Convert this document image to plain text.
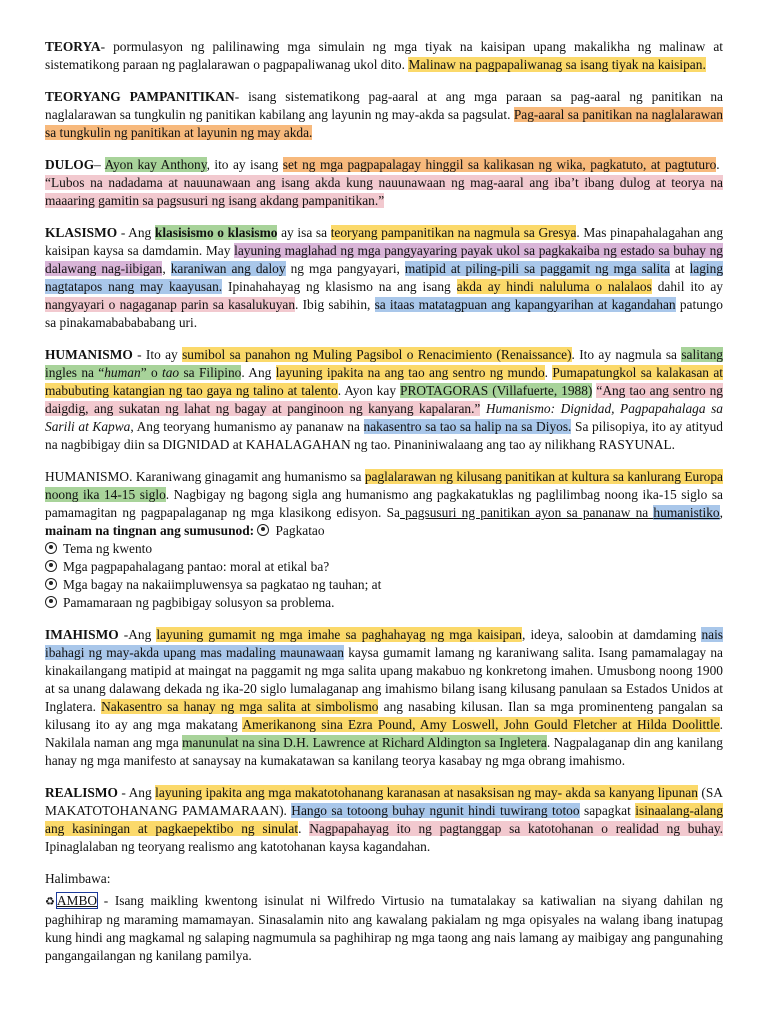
TEORYA- pormulasyon ng palilinawing mga simulain ng mga tiyak na kaisipan upang makalikha ng malinaw at sistematikong paraan ng paglalarawan o pagpapaliwanag ukol dito. Malinaw na pagpapaliwanag sa isang tiyak na kaisipan.

TEORYANG PAMPANITIKAN- isang sistematikong pag-aaral at ang mga paraan sa pag-aaral ng panitikan na naglalarawan sa tungkulin ng panitikan kabilang ang layunin ng may-akda sa pagsulat. Pag-aaral sa panitikan na naglalarawan sa tungkulin ng panitikan at layunin ng may akda.

DULOG– Ayon kay Anthony, ito ay isang set ng mga pagpapalagay hinggil sa kalikasan ng wika, pagkatuto, at pagtuturo.  “Lubos na nadadama at nauunawaan ang isang akda kung nauunawaan ng mag-aaral ang iba’t ibang dulog at teorya na maaaring gamitin sa pagsusuri ng isang akdang pampanitikan.”

KLASISMO - Ang klasisismo o klasismo ay isa sa teoryang pampanitikan na nagmula sa Gresya. Mas pinapahalagahan ang kaisipan kaysa sa damdamin. May layuning maglahad ng mga pangyayaring payak ukol sa pagkakaiba ng estado sa buhay ng dalawang nag-iibigan, karaniwan ang daloy ng mga pangyayari, matipid at piling-pili sa paggamit ng mga salita at laging nagtatapos nang may kaayusan. Ipinahahayag ng klasismo na ang isang akda ay hindi naluluma o nalalaos dahil ito ay nangyayari o nagaganap parin sa kasalukuyan. Ibig sabihin, sa itaas matatagpuan ang kapangyarihan at kagandahan patungo sa pinakamababababang uri.

HUMANISMO - Ito ay sumibol sa panahon ng Muling Pagsibol o Renacimiento (Renaissance). Ito ay nagmula sa salitang ingles na “human” o tao sa Filipino. Ang layuning ipakita na ang tao ang sentro ng mundo. Pumapatungkol sa kalakasan at mabubuting katangian ng tao gaya ng talino at talento. Ayon kay PROTAGORAS (Villafuerte, 1988) “Ang tao ang sentro ng daigdig, ang sukatan ng lahat ng bagay at panginoon ng kanyang kapalaran.” Humanismo: Dignidad, Pagpapahalaga sa Sarili at Kapwa, Ang teoryang humanismo ay pananaw na nakasentro sa tao sa halip na sa Diyos. Sa pilisopiya, ito ay atityud na nagbibigay diin sa DIGNIDAD at KAHALAGAHAN ng tao. Pinaniniwalaang ang tao ay nilikhang RASYUNAL.

HUMANISMO. Karaniwang ginagamit ang humanismo sa paglalarawan ng kilusang panitikan at kultura sa kanlurang Europa noong ika 14-15 siglo. Nagbigay ng bagong sigla ang humanismo ang pagkakatuklas ng paglilimbag noong ika-15 siglo sa pamamagitan ng pagpapalaganap ng mga klasikong edisyon. Sa pagsusuri ng panitikan ayon sa pananaw na humanistiko, mainam na tingnan ang sumusunod: Pagkatao

Tema ng kwento
Mga pagpapahalagang pantao: moral at etikal ba?
Mga bagay na nakaiimpluwensya sa pagkatao ng tauhan; at
Pamamaraan ng pagbibigay solusyon sa problema.

IMAHISMO -Ang layuning gumamit ng mga imahe sa paghahayag ng mga kaisipan, ideya, saloobin at damdaming nais ibahagi ng may-akda upang mas madaling maunawaan kaysa gumamit lamang ng karaniwang salita. Isang pamamalagay na kinakailangang matipid at maingat na paggamit ng mga salita upang makabuo ng konkretong imahen. Umusbong noong 1900 at sa unang dalawang dekada ng ika-20 siglo lumalaganap ang imahismo bilang isang kilusang panulaan sa Estados Unidos at Inglatera. Nakasentro sa hanay ng mga salita at simbolismo ang nasabing kilusan. Ilan sa mga prominenteng pangalan sa kilusang ito ay ang mga makatang Amerikanong sina Ezra Pound, Amy Loswell, John Gould Fletcher at Hilda Doolittle. Nakilala naman ang mga manunulat na sina D.H. Lawrence at Richard Aldington sa Ingletera. Nagpalaganap din ang kanilang hanay ng mga manifesto at sanaysay na kumakatawan sa kanilang teorya kasabay ng mga obrang imahismo.

REALISMO - Ang layuning ipakita ang mga makatotohanang karanasan at nasaksisan ng may- akda sa kanyang lipunan (SA MAKATOTOHANANG PAMAMARAAN). Hango sa totoong buhay ngunit hindi tuwirang totoo sapagkat isinaalang-alang ang kasiningan at pagkaepektibo ng sinulat. Nagpapahayag ito ng pagtanggap sa katotohanan o realidad ng buhay. Ipinaglalaban ng teoryang realismo ang katotohanan kaysa kagandahan.

Halimbawa:

♻ AMBO - Isang maikling kwentong isinulat ni Wilfredo Virtusio na tumatalakay sa katiwalian na siyang dahilan ng paghihirap ng maraming mamamayan. Sinasalamin nito ang kawalang pakialam ng mga opisyales na walang ibang inatupag kung hindi ang magkamal ng salaping nagmumula sa paghihirap ng mga taong ang nais lamang ay maibigay ang pangunahing pangangailangan ng kanilang pamilya.
